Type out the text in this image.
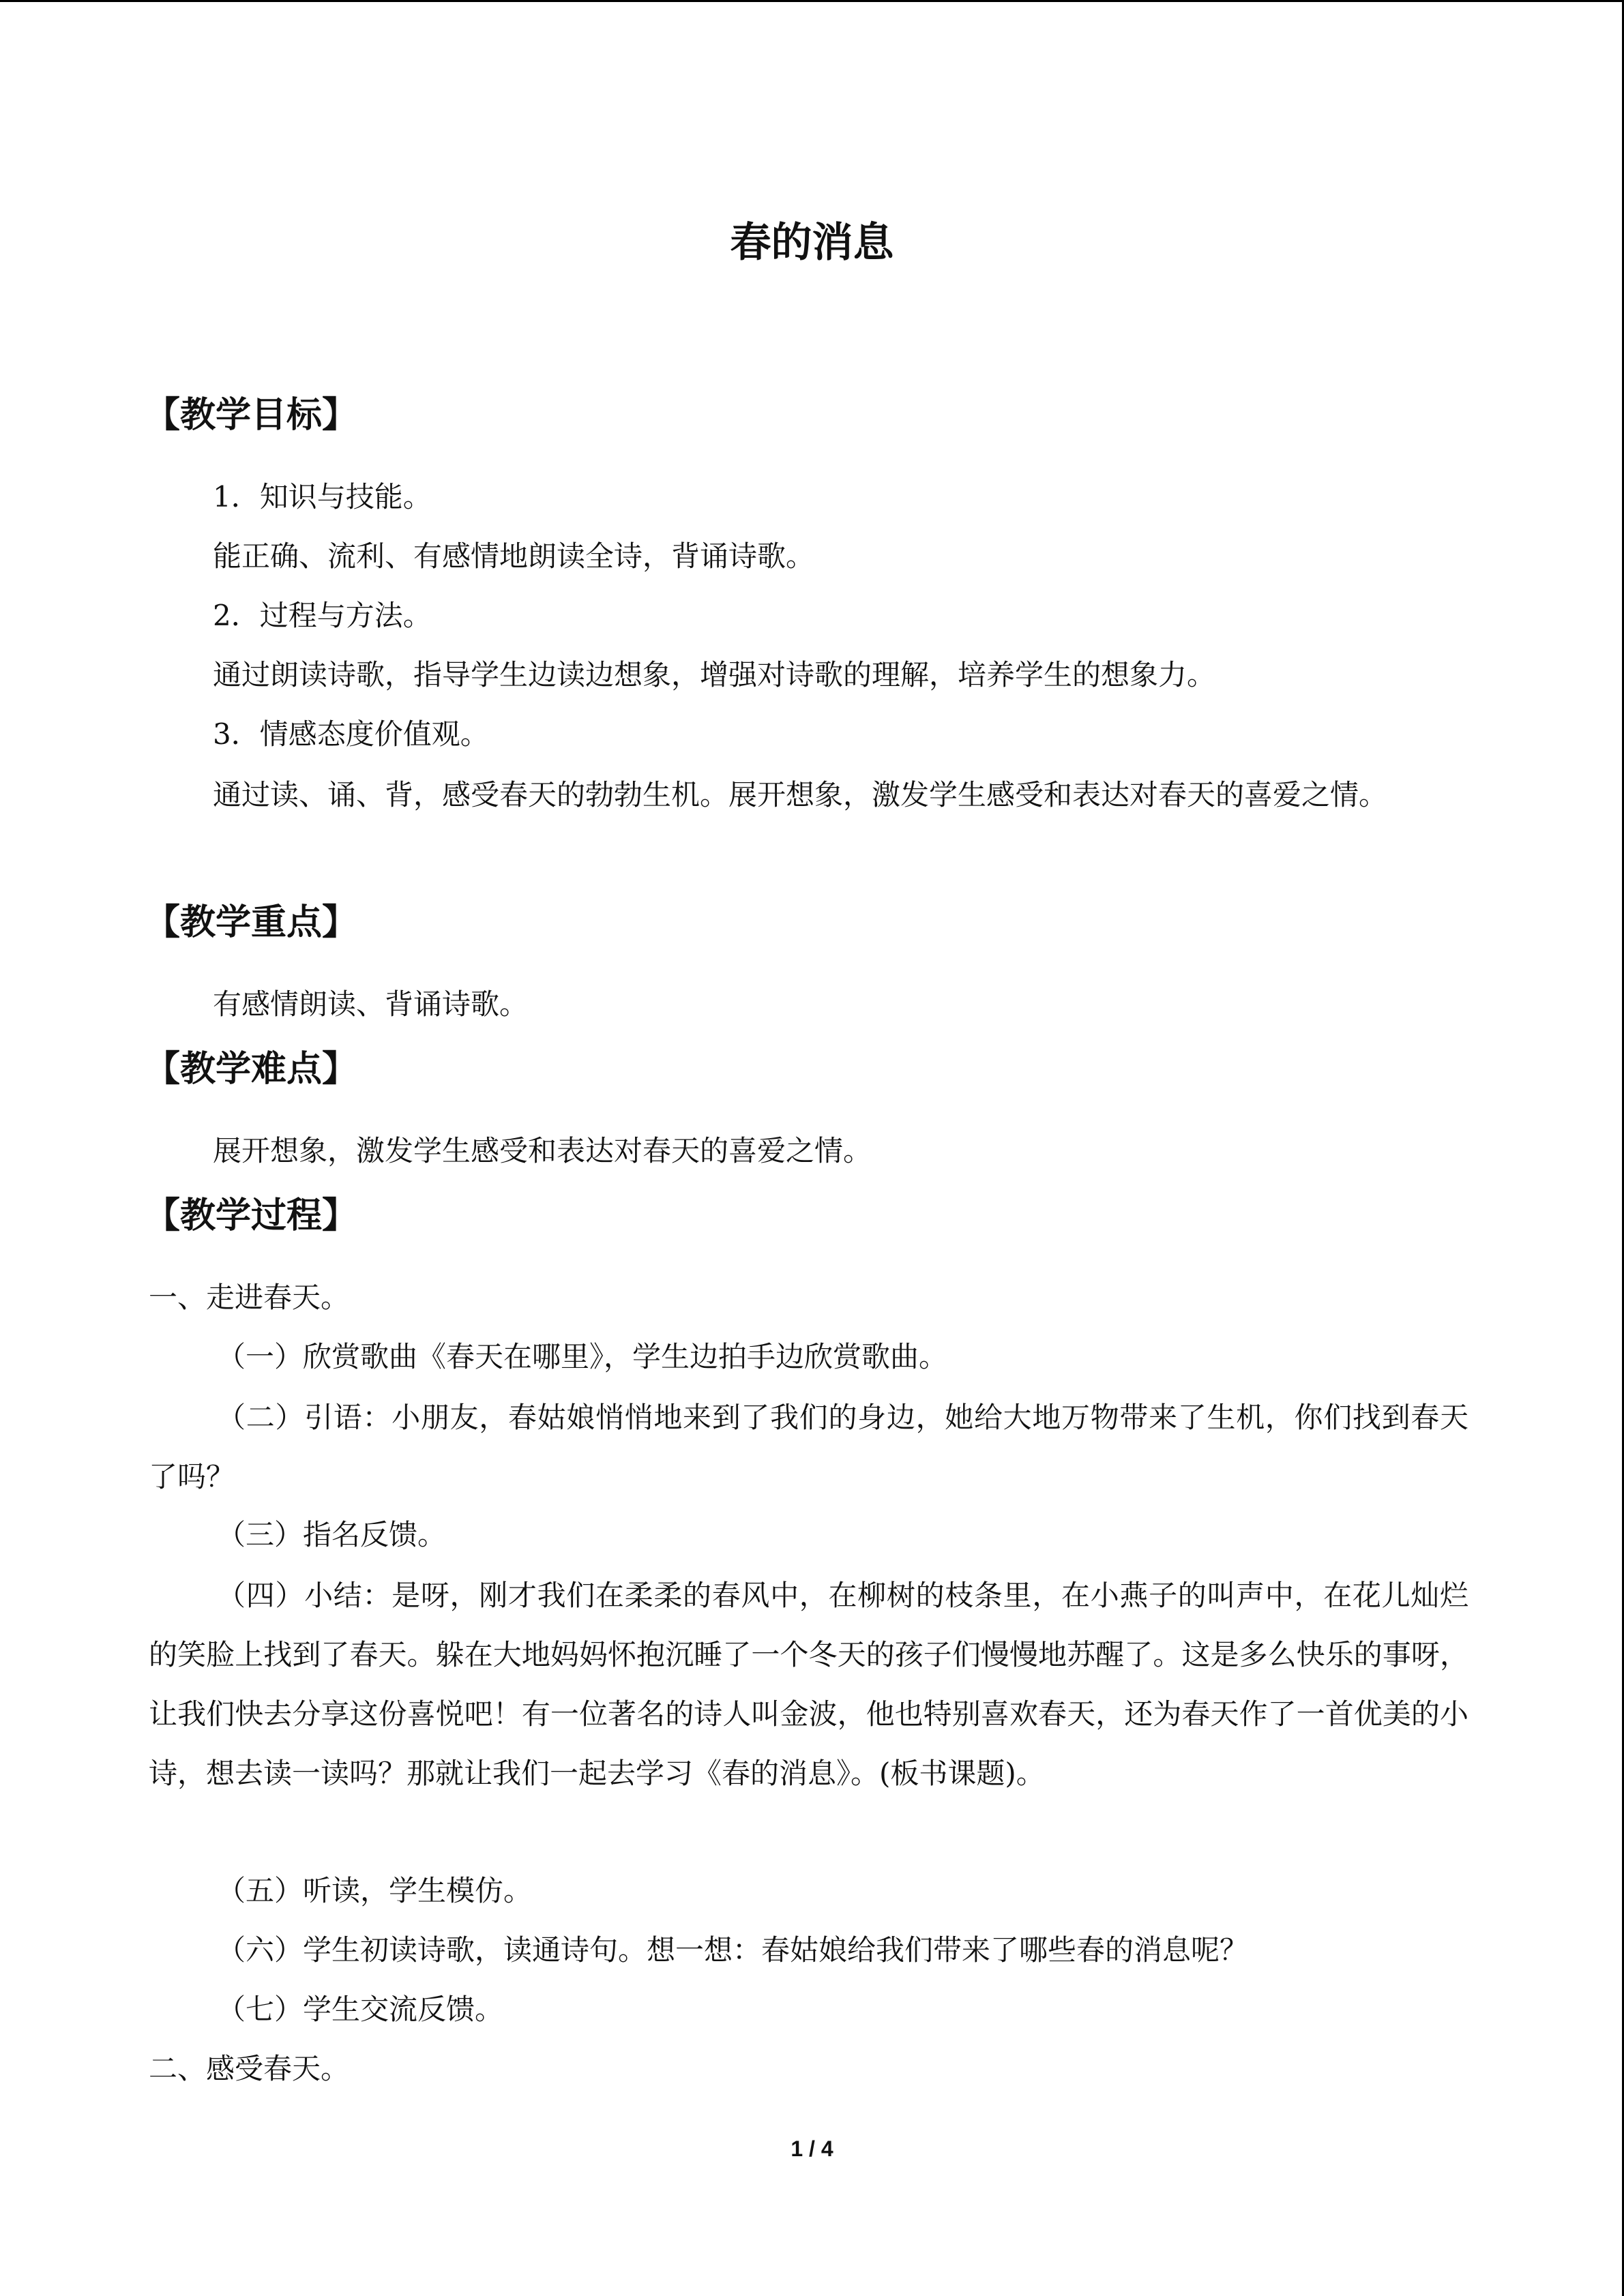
春的消息
【教学目标】

1．知识与技能。

能正确、流利、有感情地朗读全诗，背诵诗歌。

2．过程与方法。

通过朗读诗歌，指导学生边读边想象，增强对诗歌的理解，培养学生的想象力。

3．情感态度价值观。

通过读、诵、背，感受春天的勃勃生机。展开想象，激发学生感受和表达对春天的喜爱之情。

【教学重点】

有感情朗读、背诵诗歌。

【教学难点】

展开想象，激发学生感受和表达对春天的喜爱之情。

【教学过程】

一、走进春天。

（一）欣赏歌曲《春天在哪里》，学生边拍手边欣赏歌曲。

（二）引语：小朋友，春姑娘悄悄地来到了我们的身边，她给大地万物带来了生机，你们找到春天了吗？

（三）指名反馈。

（四）小结：是呀，刚才我们在柔柔的春风中，在柳树的枝条里，在小燕子的叫声中，在花儿灿烂的笑脸上找到了春天。躲在大地妈妈怀抱沉睡了一个冬天的孩子们慢慢地苏醒了。这是多么快乐的事呀，让我们快去分享这份喜悦吧！有一位著名的诗人叫金波，他也特别喜欢春天，还为春天作了一首优美的小诗，想去读一读吗？那就让我们一起去学习《春的消息》。(板书课题)。

（五）听读，学生模仿。

（六）学生初读诗歌，读通诗句。想一想：春姑娘给我们带来了哪些春的消息呢？

（七）学生交流反馈。

二、感受春天。

1 / 4
